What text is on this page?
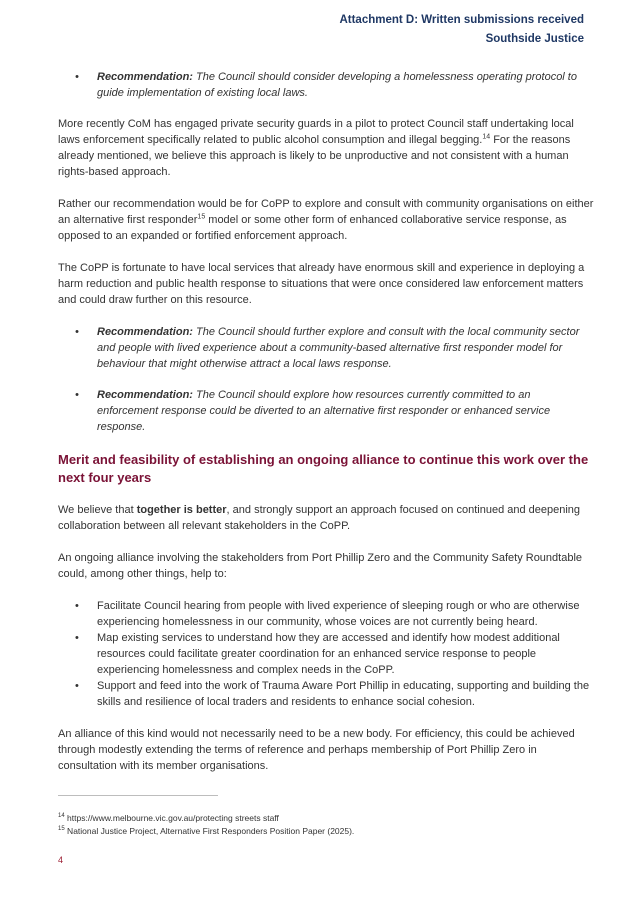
Attachment D: Written submissions received
Southside Justice
• Recommendation: The Council should consider developing a homelessness operating protocol to guide implementation of existing local laws.

More recently CoM has engaged private security guards in a pilot to protect Council staff undertaking local laws enforcement specifically related to public alcohol consumption and illegal begging.$^{14}$ For the reasons already mentioned, we believe this approach is likely to be unproductive and not consistent with a human rights-based approach.

Rather our recommendation would be for CoPP to explore and consult with community organisations on either an alternative first responder$^{15}$ model or some other form of enhanced collaborative service response, as opposed to an expanded or fortified enforcement approach.

The CoPP is fortunate to have local services that already have enormous skill and experience in deploying a harm reduction and public health response to situations that were once considered law enforcement matters and could draw further on this resource.

• Recommendation: The Council should further explore and consult with the local community sector and people with lived experience about a community-based alternative first responder model for behaviour that might otherwise attract a local laws response.
• Recommendation: The Council should explore how resources currently committed to an enforcement response could be diverted to an alternative first responder or enhanced service response.
Merit and feasibility of establishing an ongoing alliance to continue this work over the next four years

We believe that together is better, and strongly support an approach focused on continued and deepening collaboration between all relevant stakeholders in the CoPP.

An ongoing alliance involving the stakeholders from Port Phillip Zero and the Community Safety Roundtable could, among other things, help to:

• Facilitate Council hearing from people with lived experience of sleeping rough or who are otherwise experiencing homelessness in our community, whose voices are not currently being heard.
• Map existing services to understand how they are accessed and identify how modest additional resources could facilitate greater coordination for an enhanced service response to people experiencing homelessness and complex needs in the CoPP.
• Support and feed into the work of Trauma Aware Port Phillip in educating, supporting and building the skills and resilience of local traders and residents to enhance social cohesion.

An alliance of this kind would not necessarily need to be a new body. For efficiency, this could be achieved through modestly extending the terms of reference and perhaps membership of Port Phillip Zero in consultation with its member organisations.

$^{14}$ https://www.melbourne.vic.gov.au/protecting streets staff
$^{15}$ National Justice Project, Alternative First Responders Position Paper (2025).
4
